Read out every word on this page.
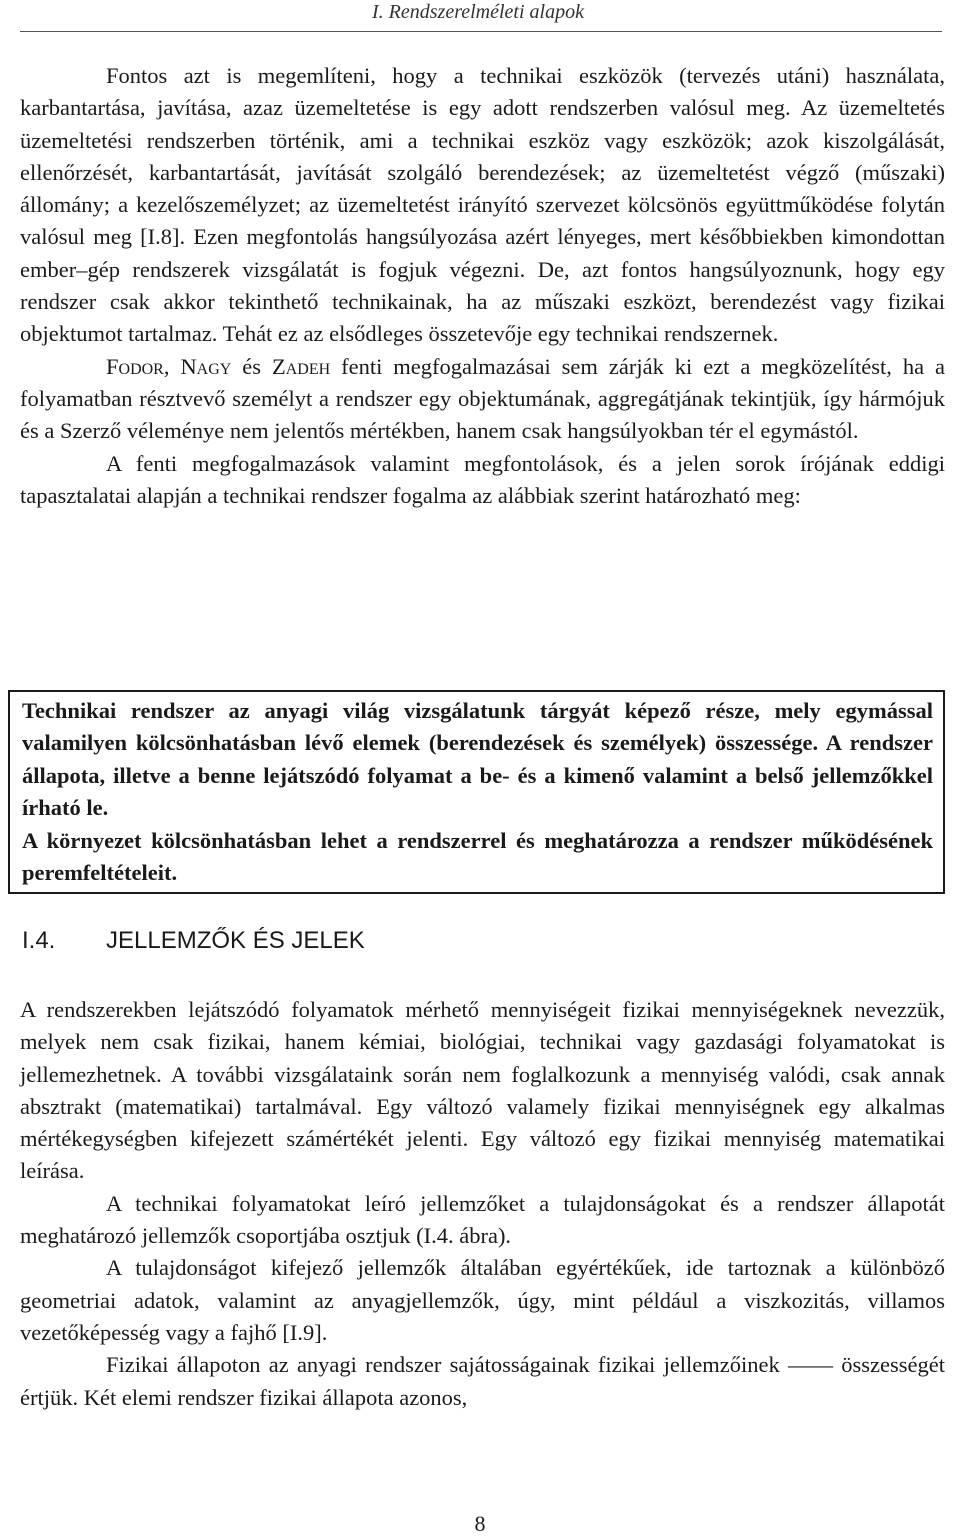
I. Rendszerelméleti alapok

Fontos azt is megemlíteni, hogy a technikai eszközök (tervezés utáni) használata, karbantartása, javítása, azaz üzemeltetése is egy adott rendszerben valósul meg. Az üzemeltetés üzemeltetési rendszerben történik, ami a technikai eszköz vagy eszközök; azok kiszolgálását, ellenőrzését, karbantartását, javítását szolgáló berendezések; az üzemeltetést végző (műszaki) állomány; a kezelőszemélyzet; az üzemeltetést irányító szervezet kölcsönös együttműködése folytán valósul meg [I.8]. Ezen megfontolás hangsúlyozása azért lényeges, mert későbbiekben kimondottan ember–gép rendszerek vizsgálatát is fogjuk végezni. De, azt fontos hangsúlyoznunk, hogy egy rendszer csak akkor tekinthető technikainak, ha az műszaki eszközt, berendezést vagy fizikai objektumot tartalmaz. Tehát ez az elsődleges összetevője egy technikai rendszernek.

Fodor, Nagy és Zadeh fenti megfogalmazásai sem zárják ki ezt a megközelítést, ha a folyamatban résztvevő személyt a rendszer egy objektumának, aggregátjának tekintjük, így hármójuk és a Szerző véleménye nem jelentős mértékben, hanem csak hangsúlyokban tér el egymástól.

A fenti megfogalmazások valamint megfontolások, és a jelen sorok írójának eddigi tapasztalatai alapján a technikai rendszer fogalma az alábbiak szerint határozható meg:

Technikai rendszer az anyagi világ vizsgálatunk tárgyát képező része, mely egymással valamilyen kölcsönhatásban lévő elemek (berendezések és személyek) összessége. A rendszer állapota, illetve a benne lejátszódó folyamat a be- és a kimenő valamint a belső jellemzőkkel írható le.

A környezet kölcsönhatásban lehet a rendszerrel és meghatározza a rendszer működésének peremfeltételeit.

I.4. JELLEMZŐK ÉS JELEK

A rendszerekben lejátszódó folyamatok mérhető mennyiségeit fizikai mennyiségeknek nevezzük, melyek nem csak fizikai, hanem kémiai, biológiai, technikai vagy gazdasági folyamatokat is jellemezhetnek. A további vizsgálataink során nem foglalkozunk a mennyiség valódi, csak annak absztrakt (matematikai) tartalmával. Egy változó valamely fizikai mennyiségnek egy alkalmas mértékegységben kifejezett számértékét jelenti. Egy változó egy fizikai mennyiség matematikai leírása.

A technikai folyamatokat leíró jellemzőket a tulajdonságokat és a rendszer állapotát meghatározó jellemzők csoportjába osztjuk (I.4. ábra).

A tulajdonságot kifejező jellemzők általában egyértékűek, ide tartoznak a különböző geometriai adatok, valamint az anyagjellemzők, úgy, mint például a viszkozitás, villamos vezetőképesség vagy a fajhő [I.9].

Fizikai állapoton az anyagi rendszer sajátosságainak fizikai jellemzőinek —— összességét értjük. Két elemi rendszer fizikai állapota azonos,

8
